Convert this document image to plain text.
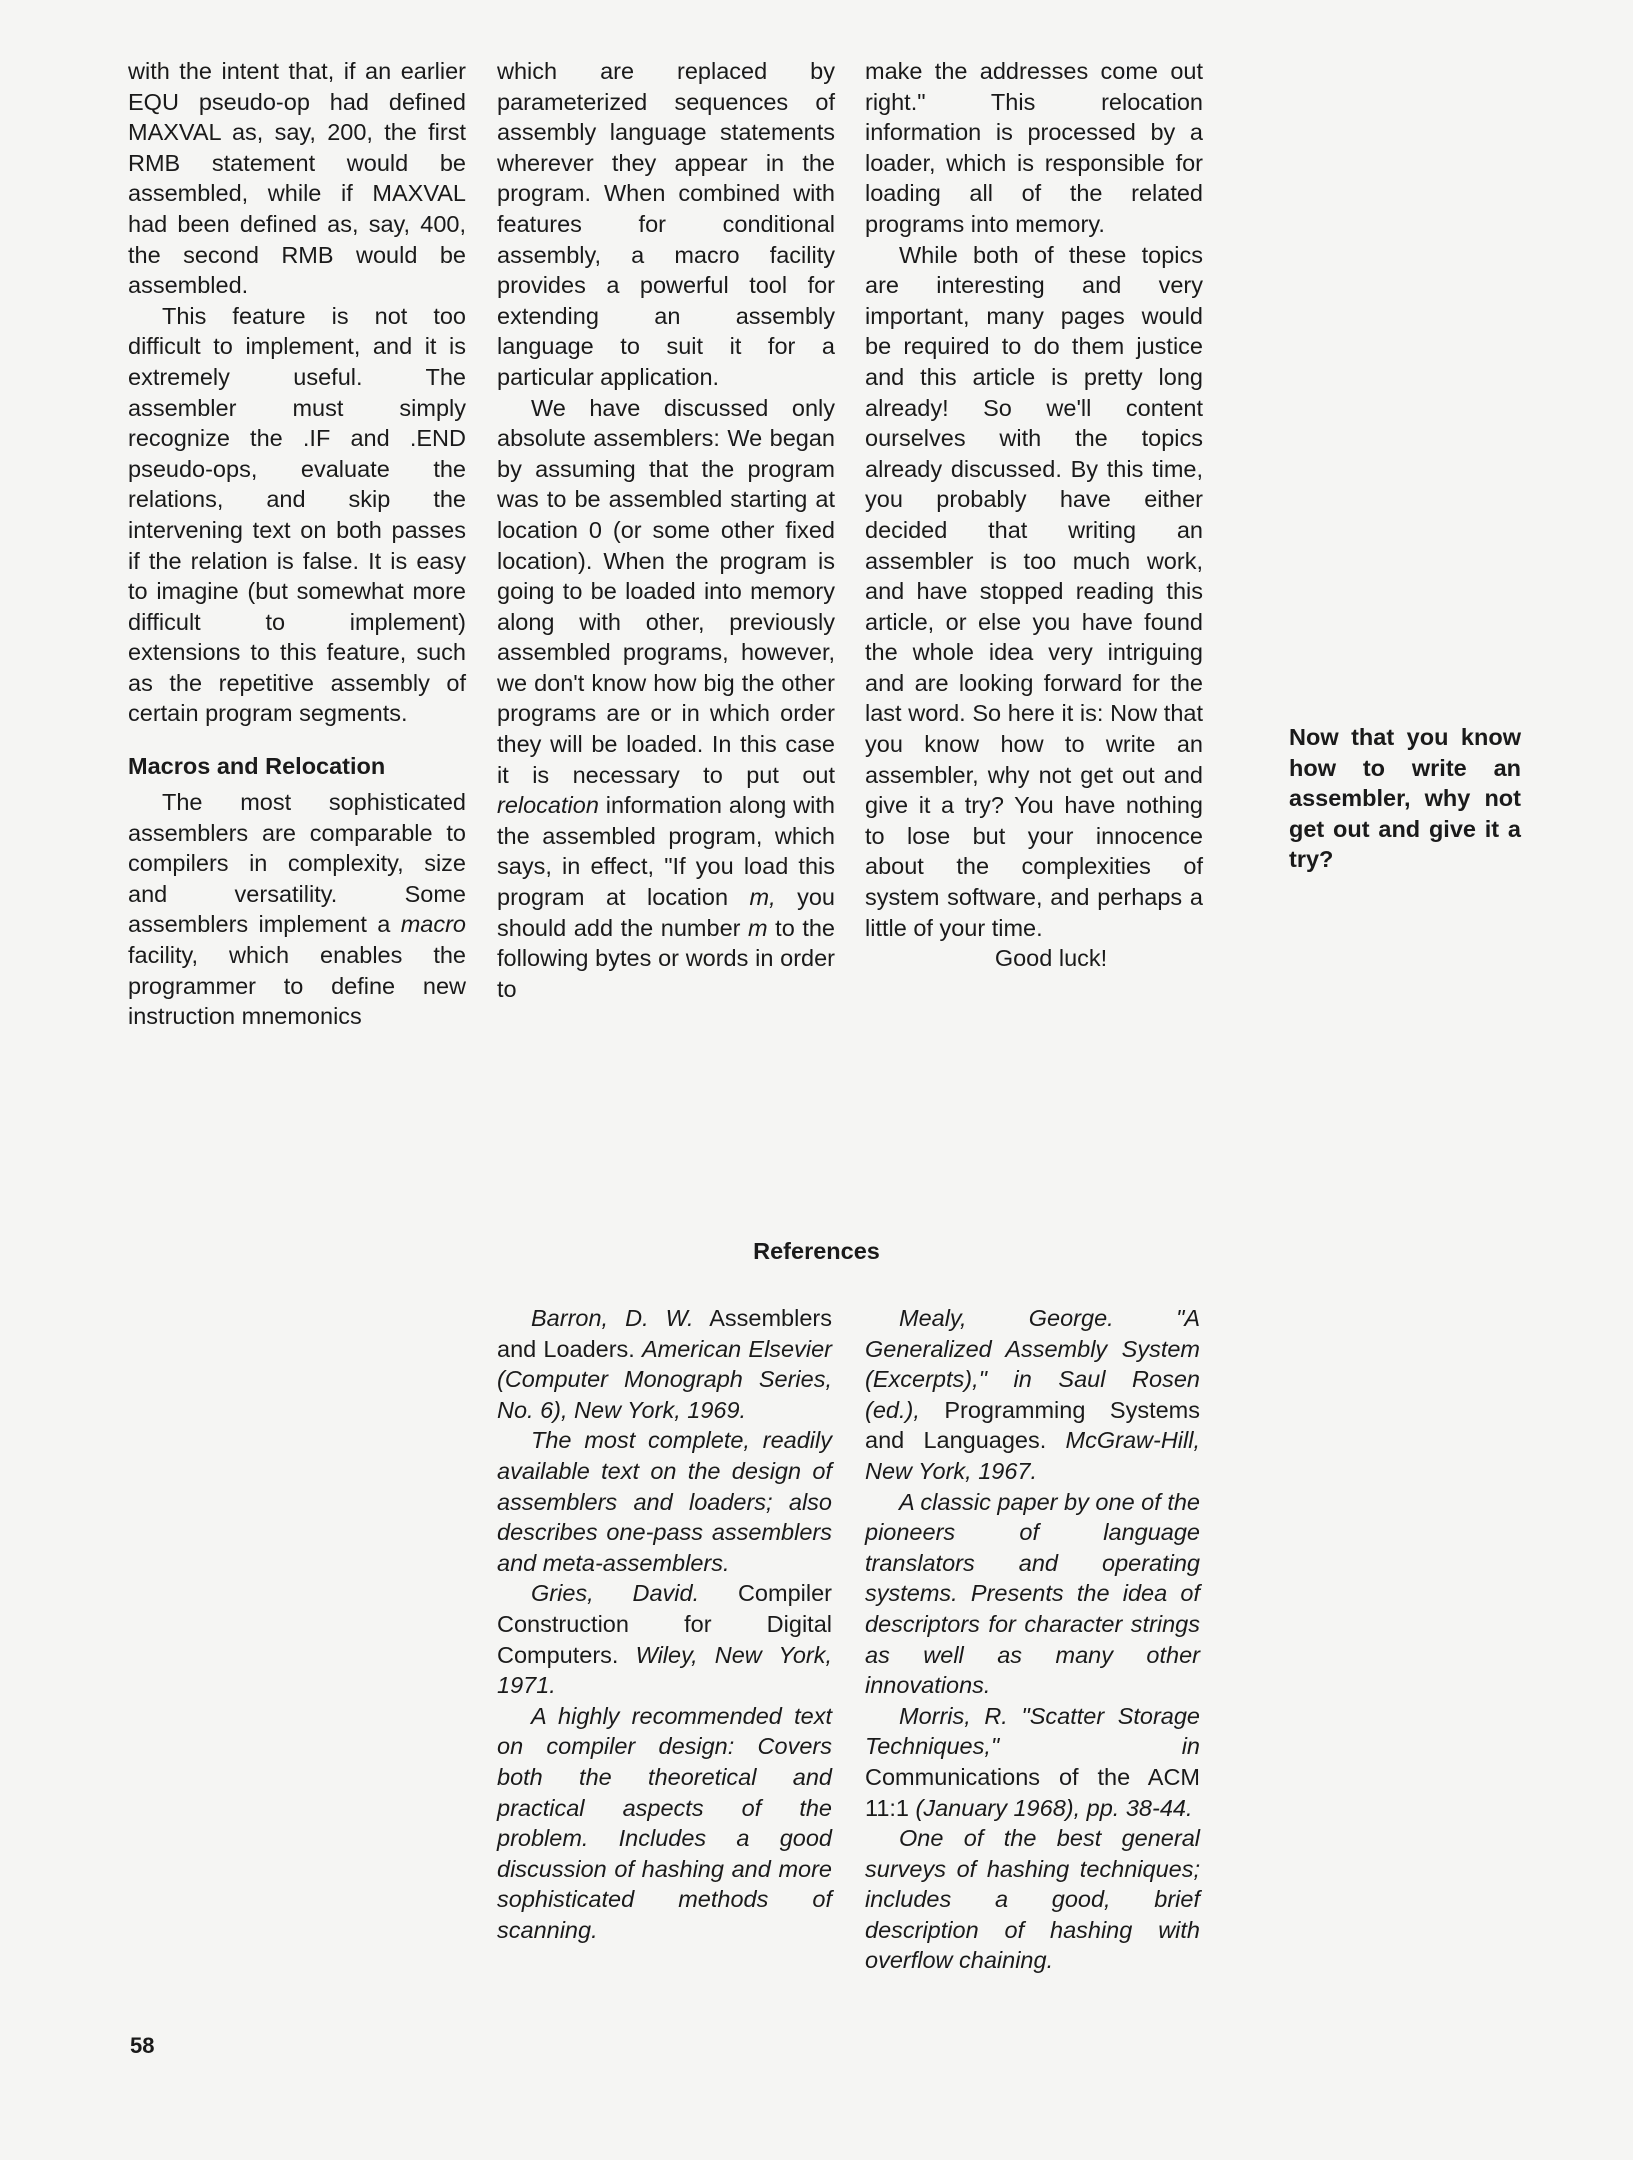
with the intent that, if an earlier EQU pseudo-op had defined MAXVAL as, say, 200, the first RMB statement would be assembled, while if MAXVAL had been defined as, say, 400, the second RMB would be assembled.

This feature is not too difficult to implement, and it is extremely useful. The assembler must simply recognize the .IF and .END pseudo-ops, evaluate the relations, and skip the intervening text on both passes if the relation is false. It is easy to imagine (but somewhat more difficult to implement) extensions to this feature, such as the repetitive assembly of certain program segments.

Macros and Relocation

The most sophisticated assemblers are comparable to compilers in complexity, size and versatility. Some assemblers implement a macro facility, which enables the programmer to define new instruction mnemonics

which are replaced by parameterized sequences of assembly language statements wherever they appear in the program. When combined with features for conditional assembly, a macro facility provides a powerful tool for extending an assembly language to suit it for a particular application.

We have discussed only absolute assemblers: We began by assuming that the program was to be assembled starting at location 0 (or some other fixed location). When the program is going to be loaded into memory along with other, previously assembled programs, however, we don't know how big the other programs are or in which order they will be loaded. In this case it is necessary to put out relocation information along with the assembled program, which says, in effect, "If you load this program at location m, you should add the number m to the following bytes or words in order to

make the addresses come out right." This relocation information is processed by a loader, which is responsible for loading all of the related programs into memory.

While both of these topics are interesting and very important, many pages would be required to do them justice and this article is pretty long already! So we'll content ourselves with the topics already discussed. By this time, you probably have either decided that writing an assembler is too much work, and have stopped reading this article, or else you have found the whole idea very intriguing and are looking forward for the last word. So here it is: Now that you know how to write an assembler, why not get out and give it a try? You have nothing to lose but your innocence about the complexities of system software, and perhaps a little of your time.

Good luck!

Now that you know how to write an assembler, why not get out and give it a try?
References

Barron, D. W. Assemblers and Loaders. American Elsevier (Computer Monograph Series, No. 6), New York, 1969.

The most complete, readily available text on the design of assemblers and loaders; also describes one-pass assemblers and meta-assemblers.

Gries, David. Compiler Construction for Digital Computers. Wiley, New York, 1971.

A highly recommended text on compiler design: Covers both the theoretical and practical aspects of the problem. Includes a good discussion of hashing and more sophisticated methods of scanning.

Mealy, George. "A Generalized Assembly System (Excerpts)," in Saul Rosen (ed.), Programming Systems and Languages. McGraw-Hill, New York, 1967.

A classic paper by one of the pioneers of language translators and operating systems. Presents the idea of descriptors for character strings as well as many other innovations.

Morris, R. "Scatter Storage Techniques," in Communications of the ACM 11:1 (January 1968), pp. 38-44.

One of the best general surveys of hashing techniques; includes a good, brief description of hashing with overflow chaining.

58
